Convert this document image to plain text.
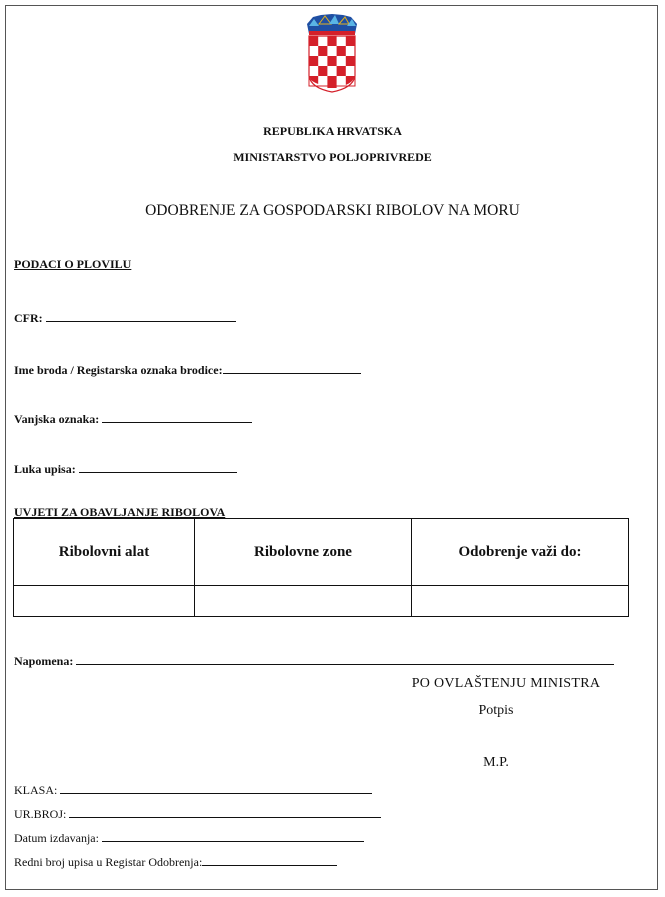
REPUBLIKA HRVATSKA
MINISTARSTVO POLJOPRIVREDE
ODOBRENJE ZA GOSPODARSKI RIBOLOV NA MORU
PODACI O PLOVILU
CFR:
Ime broda / Registarska oznaka brodice:
Vanjska oznaka:
Luka upisa:
UVJETI ZA OBAVLJANJE RIBOLOVA
Ribolovni alat	Ribolovne zone	Odobrenje važi do:

Napomena:
PO OVLAŠTENJU MINISTRA
Potpis
M.P.
KLASA:
UR.BROJ:
Datum izdavanja:
Redni broj upisa u Registar Odobrenja:
